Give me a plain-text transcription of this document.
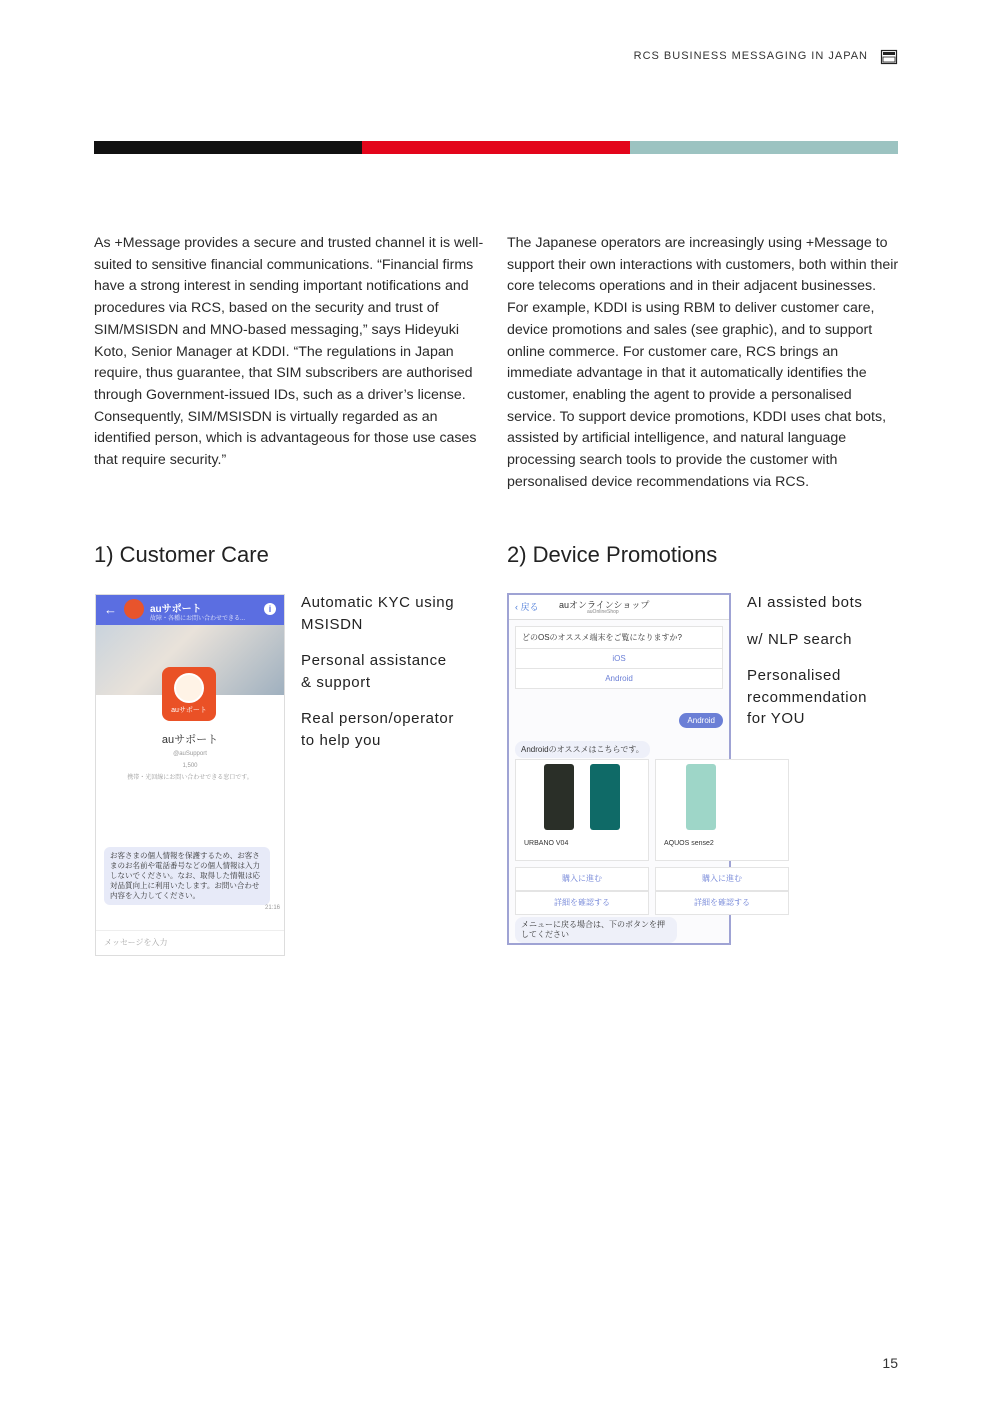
RCS BUSINESS MESSAGING IN JAPAN
As +Message provides a secure and trusted channel it is well-suited to sensitive financial communications. “Financial firms have a strong interest in sending important notifications and procedures via RCS, based on the security and trust of SIM/MSISDN and MNO-based messaging,” says Hideyuki Koto, Senior Manager at KDDI. “The regulations in Japan require, thus guarantee, that SIM subscribers are authorised through Government-issued IDs, such as a driver’s license. Consequently, SIM/MSISDN is virtually regarded as an identified person, which is advantageous for those use cases that require security.”
The Japanese operators are increasingly using +Message to support their own interactions with customers, both within their core telecoms operations and in their adjacent businesses. For example, KDDI is using RBM to deliver customer care, device promotions and sales (see graphic), and to support online commerce. For customer care, RCS brings an immediate advantage in that it automatically identifies the customer, enabling the agent to provide a personalised service. To support device promotions, KDDI uses chat bots, assisted by artificial intelligence, and natural language processing search tools to provide the customer with personalised device recommendations via RCS.
1) Customer Care	2) Device Promotions
←	auサポート
故障・各種にお問い合わせできる...
i
auサポート
auサポート
@auSupport
1,500
携帯・光回線にお問い合わせできる窓口です。
お客さまの個人情報を保護するため、お客さまのお名前や電話番号などの個人情報は入力しないでください。なお、取得した情報は応対品質向上に利用いたします。お問い合わせ内容を入力してください。
21:16
メッセージを入力

Automatic KYC using
MSISDN

Personal assistance
& support

Real person/operator
to help you

‹ 戻る auオンラインショップ
auOnlineShop
どのOSのオススメ端末をご覧になりますか?
iOS
Android
Android
Androidのオススメはこちらです。
URBANO V04	AQUOS sense2
購入に進む
詳細を確認する
購入に進む
詳細を確認する
メニューに戻る場合は、下のボタンを押してください

AI assisted bots

w/ NLP search

Personalised
recommendation
for YOU

15
